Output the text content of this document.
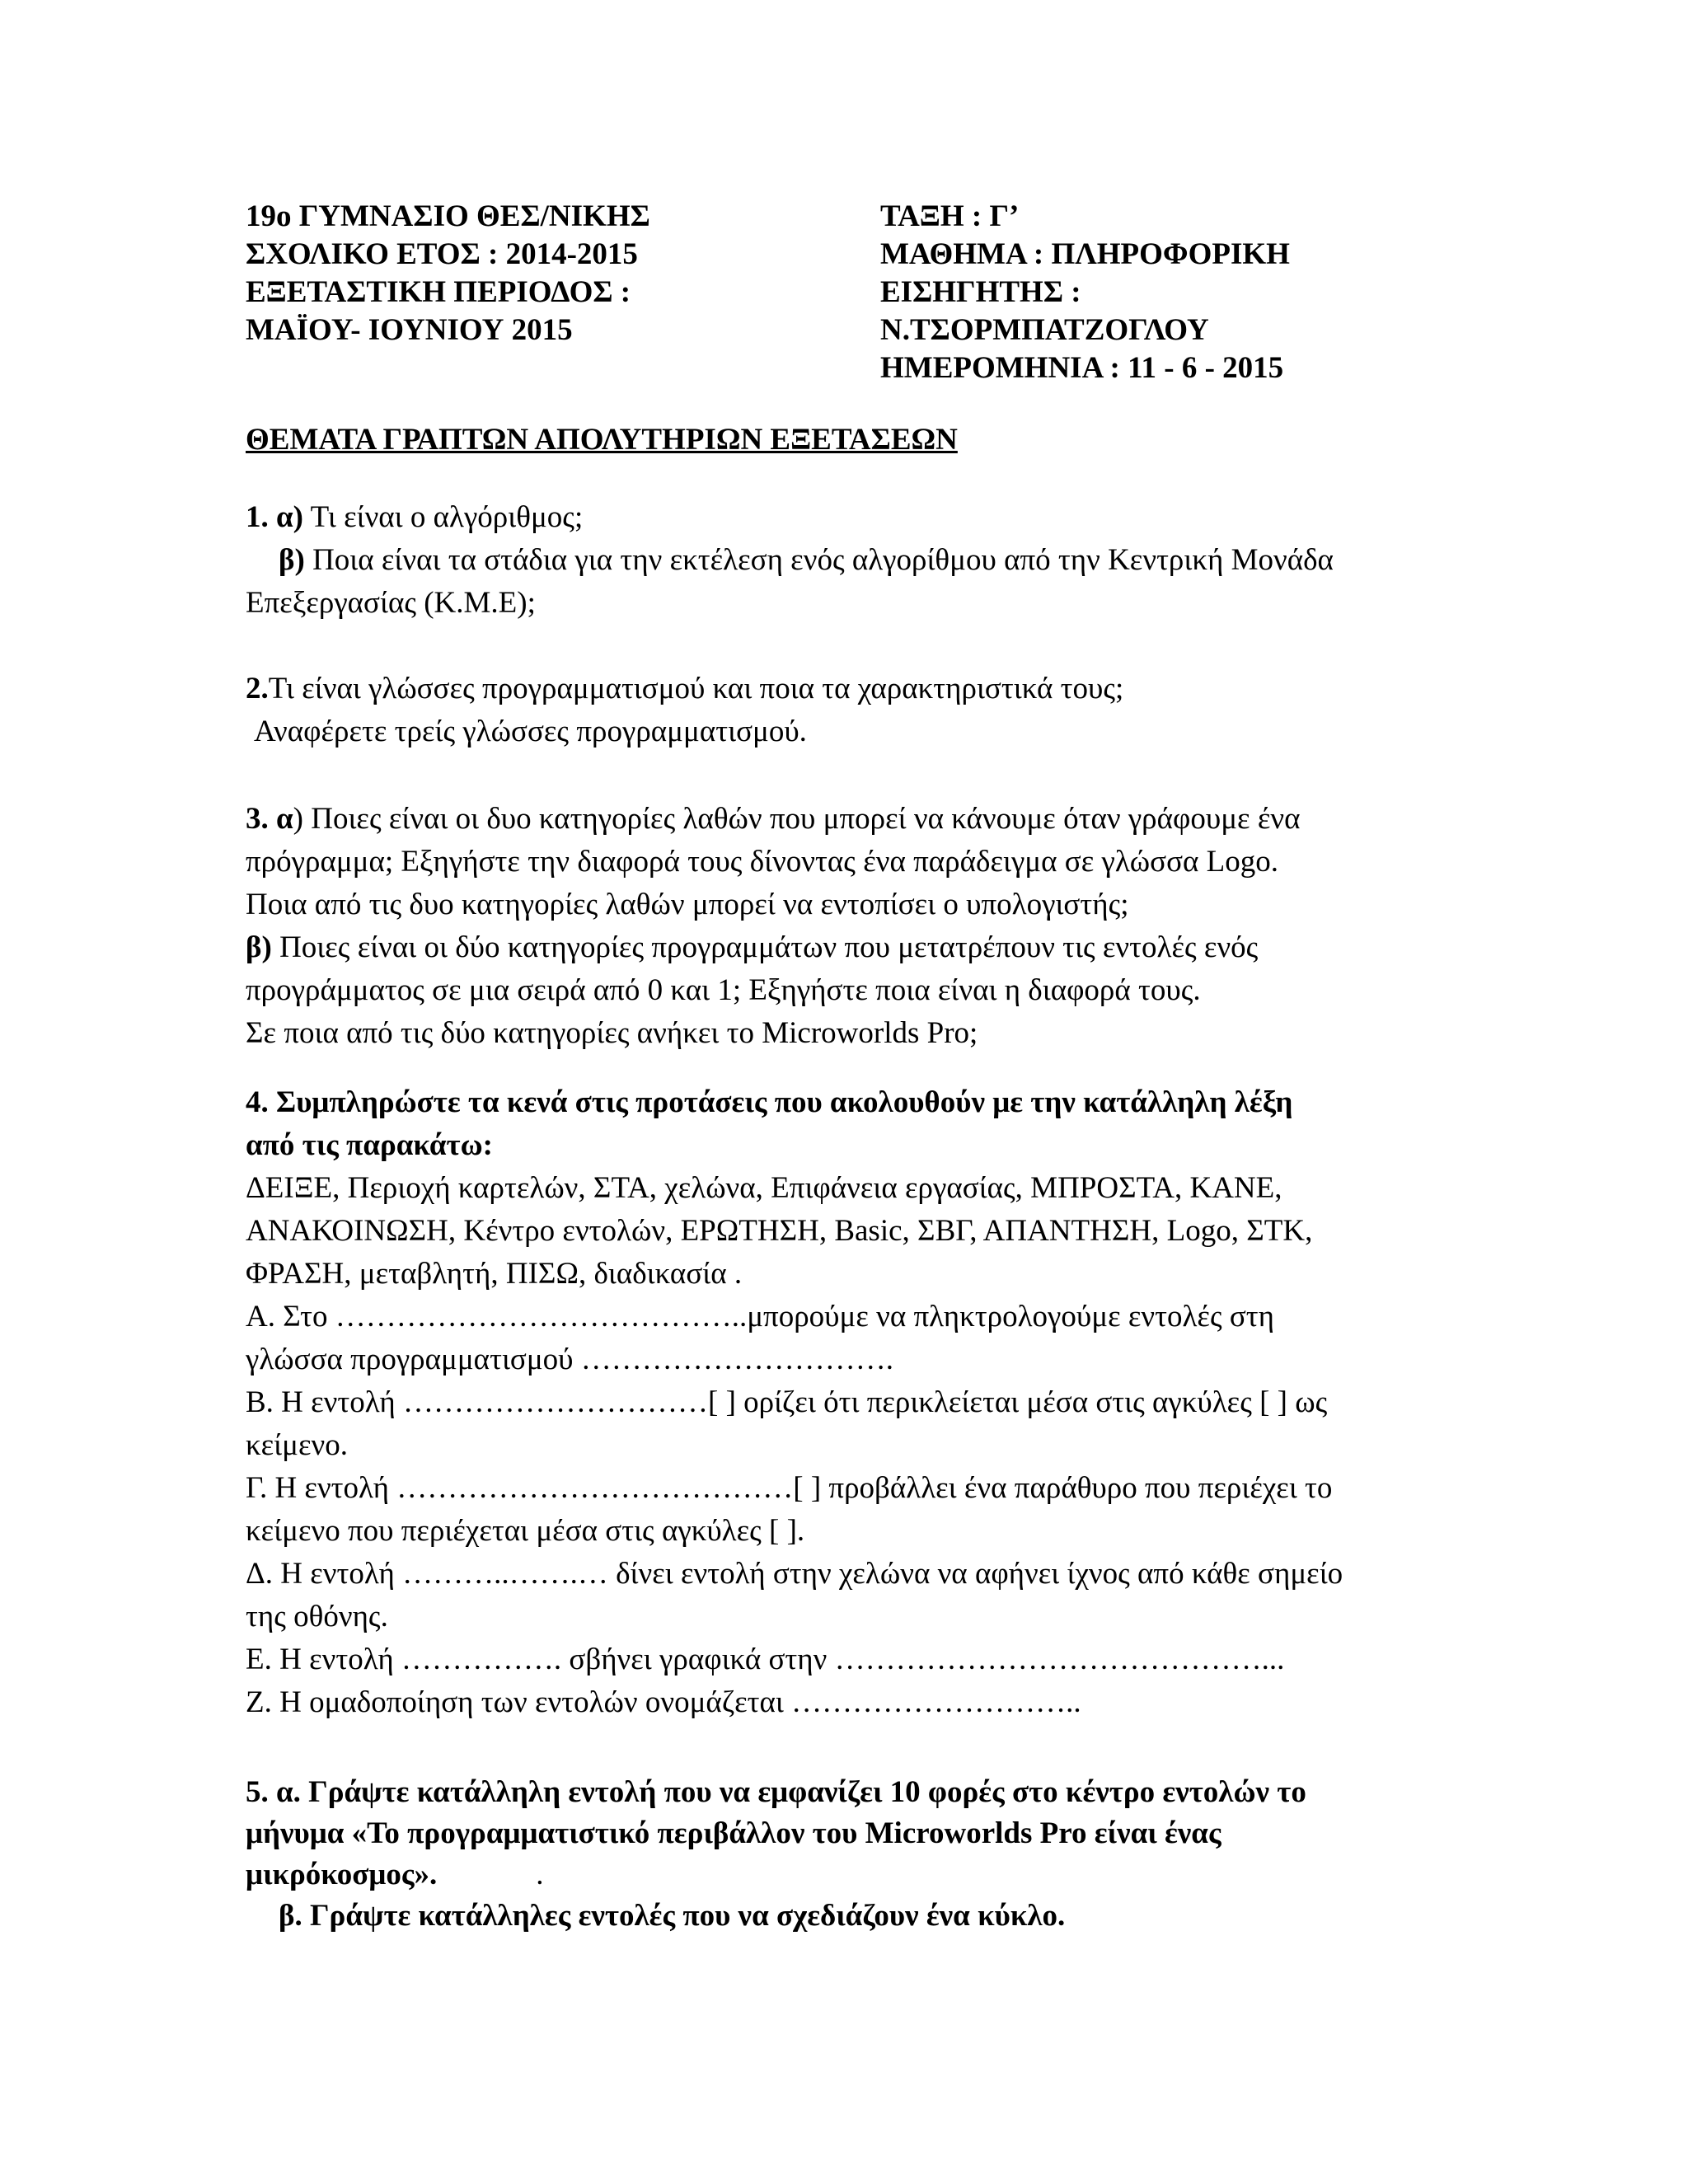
19ο ΓΥΜΝΑΣΙΟ ΘΕΣ/ΝΙΚΗΣ
ΣΧΟΛΙΚΟ ΕΤΟΣ : 2014-2015
ΕΞΕΤΑΣΤΙΚΗ ΠΕΡΙΟΔΟΣ :
ΜΑΪΟΥ- ΙΟΥΝΙΟΥ 2015
ΤΑΞΗ : Γ’
ΜΑΘΗΜΑ : ΠΛΗΡΟΦΟΡΙΚΗ
ΕΙΣΗΓΗΤΗΣ :
Ν.ΤΣΟΡΜΠΑΤΖΟΓΛΟΥ
ΗΜΕΡΟΜΗΝΙΑ : 11 - 6 - 2015
ΘΕΜΑΤΑ ΓΡΑΠΤΩΝ ΑΠΟΛΥΤΗΡΙΩΝ ΕΞΕΤΑΣΕΩΝ
1. α) Τι είναι ο αλγόριθμος;
β) Ποια είναι τα στάδια για την εκτέλεση ενός αλγορίθμου από την Κεντρική Μονάδα
Επεξεργασίας (Κ.Μ.Ε);
2.Τι είναι γλώσσες προγραμματισμού και ποια τα χαρακτηριστικά τους;
Αναφέρετε τρείς γλώσσες προγραμματισμού.
3. α) Ποιες είναι οι δυο κατηγορίες λαθών που μπορεί να κάνουμε όταν γράφουμε ένα
πρόγραμμα; Εξηγήστε την διαφορά τους δίνοντας ένα παράδειγμα σε γλώσσα Logo.
Ποια από τις δυο κατηγορίες λαθών μπορεί να εντοπίσει ο υπολογιστής;
β) Ποιες είναι οι δύο κατηγορίες προγραμμάτων που μετατρέπουν τις εντολές ενός
προγράμματος σε μια σειρά από 0 και 1; Εξηγήστε ποια είναι η διαφορά τους.
Σε ποια από τις δύο κατηγορίες ανήκει το Microworlds Pro;
4. Συμπληρώστε τα κενά στις προτάσεις που ακολουθούν με την κατάλληλη λέξη
από τις παρακάτω:
ΔΕΙΞΕ, Περιοχή καρτελών, ΣΤΑ, χελώνα, Επιφάνεια εργασίας, ΜΠΡΟΣΤΑ, ΚΑΝΕ,
ΑΝΑΚΟΙΝΩΣΗ, Κέντρο εντολών, ΕΡΩΤΗΣΗ, Basic, ΣΒΓ, ΑΠΑΝΤΗΣΗ, Logo, ΣΤΚ,
ΦΡΑΣΗ, μεταβλητή, ΠΙΣΩ, διαδικασία .
Α. Στο …………………………………..μπορούμε να πληκτρολογούμε εντολές στη
γλώσσα προγραμματισμού ………………………….
Β. Η εντολή …………………………[ ] ορίζει ότι περικλείεται μέσα στις αγκύλες [ ] ως
κείμενο.
Γ. Η εντολή …………………………………[ ] προβάλλει ένα παράθυρο που περιέχει το
κείμενο που περιέχεται μέσα στις αγκύλες [ ].
Δ. Η εντολή ………..…….… δίνει εντολή στην χελώνα να αφήνει ίχνος από κάθε σημείο
της οθόνης.
Ε. Η εντολή ……………. σβήνει γραφικά στην ……………………………………...
Ζ. Η ομαδοποίηση των εντολών ονομάζεται ………………………..
5. α. Γράψτε κατάλληλη εντολή που να εμφανίζει 10 φορές στο κέντρο εντολών το
μήνυμα «Το προγραμματιστικό περιβάλλον του Microworlds Pro είναι ένας
μικρόκοσμος».	.
β. Γράψτε κατάλληλες εντολές που να σχεδιάζουν ένα κύκλο.
